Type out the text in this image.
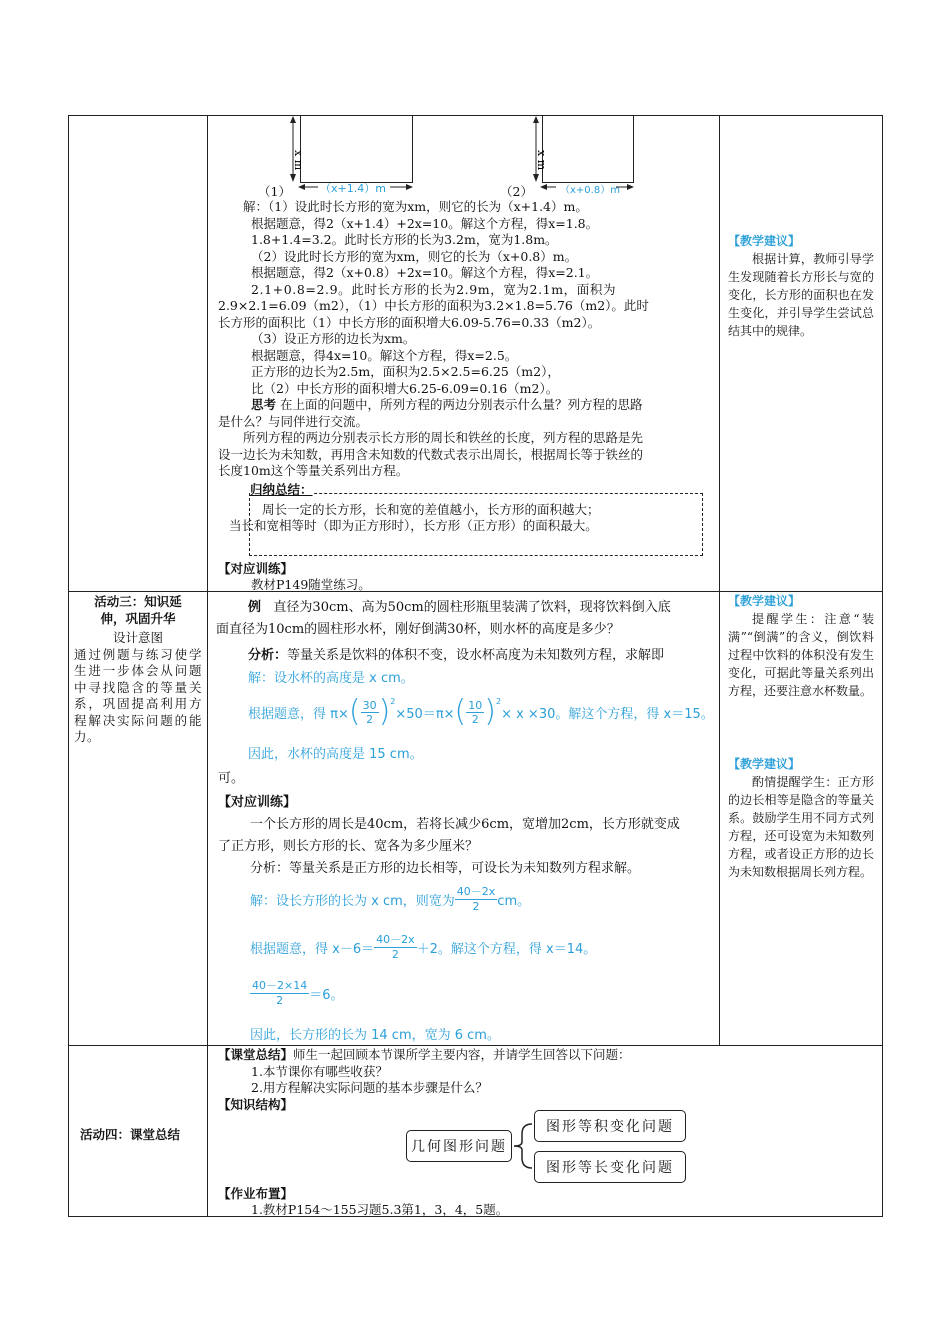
x m
（1）	（x+1.4）m
x m
（2）	（x+0.8）m

解：（1）设此时长方形的宽为xm，则它的长为（x+1.4）m。

根据题意，得2（x+1.4）+2x=10。解这个方程，得x=1.8。

1.8+1.4=3.2。此时长方形的长为3.2m，宽为1.8m。

（2）设此时长方形的宽为xm，则它的长为（x+0.8）m。

根据题意，得2（x+0.8）+2x=10。解这个方程，得x=2.1。

2.1+0.8=2.9。此时长方形的长为2.9m，宽为2.1m，面积为

2.9×2.1=6.09（m2），（1）中长方形的面积为3.2×1.8=5.76（m2）。此时

长方形的面积比（1）中长方形的面积增大6.09-5.76=0.33（m2）。

（3）设正方形的边长为xm。

根据题意，得4x=10。解这个方程，得x=2.5。

正方形的边长为2.5m，面积为2.5×2.5=6.25（m2），

比（2）中长方形的面积增大6.25-6.09=0.16（m2）。

思考 在上面的问题中，所列方程的两边分别表示什么量？列方程的思路

是什么？与同伴进行交流。

所列方程的两边分别表示长方形的周长和铁丝的长度，列方程的思路是先

设一边长为未知数，再用含未知数的代数式表示出周长，根据周长等于铁丝的

长度10m这个等量关系列出方程。

归纳总结：
周长一定的长方形，长和宽的差值越小，长方形的面积越大；
当长和宽相等时（即为正方形时），长方形（正方形）的面积最大。
【对应训练】
教材P149随堂练习。

【教学建议】

根据计算，教师引导学生发现随着长方形长与宽的变化，长方形的面积也在发生变化，并引导学生尝试总结其中的规律。

活动三：知识延

伸，巩固升华

设计意图

通过例题与练习使学生进一步体会从问题中寻找隐含的等量关系，巩固提高利用方程解决实际问题的能力。

例 直径为30cm、高为50cm的圆柱形瓶里装满了饮料，现将饮料倒入底

面直径为10cm的圆柱形水杯，刚好倒满30杯，则水杯的高度是多少？

分析：等量关系是饮料的体积不变，设水杯高度为未知数列方程，求解即

解：设水杯的高度是 x cm。
根据题意，得 π× ( 30
2 )$^2$
×50＝π× ( 10
2 )$^2$
× x ×30。解这个方程，得 x＝15。
因此，水杯的高度是 15 cm。
可。
【对应训练】

一个长方形的周长是40cm，若将长减少6cm，宽增加2cm，长方形就变成

了正方形，则长方形的长、宽各为多少厘米？

分析：等量关系是正方形的边长相等，可设长为未知数列方程求解。

解：设长方形的长为 x cm，则宽为
40－2x
2 cm。
根据题意，得 x－6＝
40－2x
2 ＋2。解这个方程，得 x＝14。
40－2×14
2 ＝6。
因此，长方形的长为 14 cm，宽为 6 cm。

【教学建议】

提醒学生：注意“装满”“倒满”的含义，倒饮料过程中饮料的体积没有发生变化，可据此等量关系列出方程，还要注意水杯数量。

【教学建议】

酌情提醒学生：正方形的边长相等是隐含的等量关系。鼓励学生用不同方式列方程，还可设宽为未知数列方程，或者设正方形的边长为未知数根据周长列方程。

活动四：课堂总结

【课堂总结】师生一起回顾本节课所学主要内容，并请学生回答以下问题：

1.本节课你有哪些收获？

2.用方程解决实际问题的基本步骤是什么？

【知识结构】

几何图形问题
图形等积变化问题
图形等长变化问题
【作业布置】
1.教材P154～155习题5.3第1，3，4，5题。
